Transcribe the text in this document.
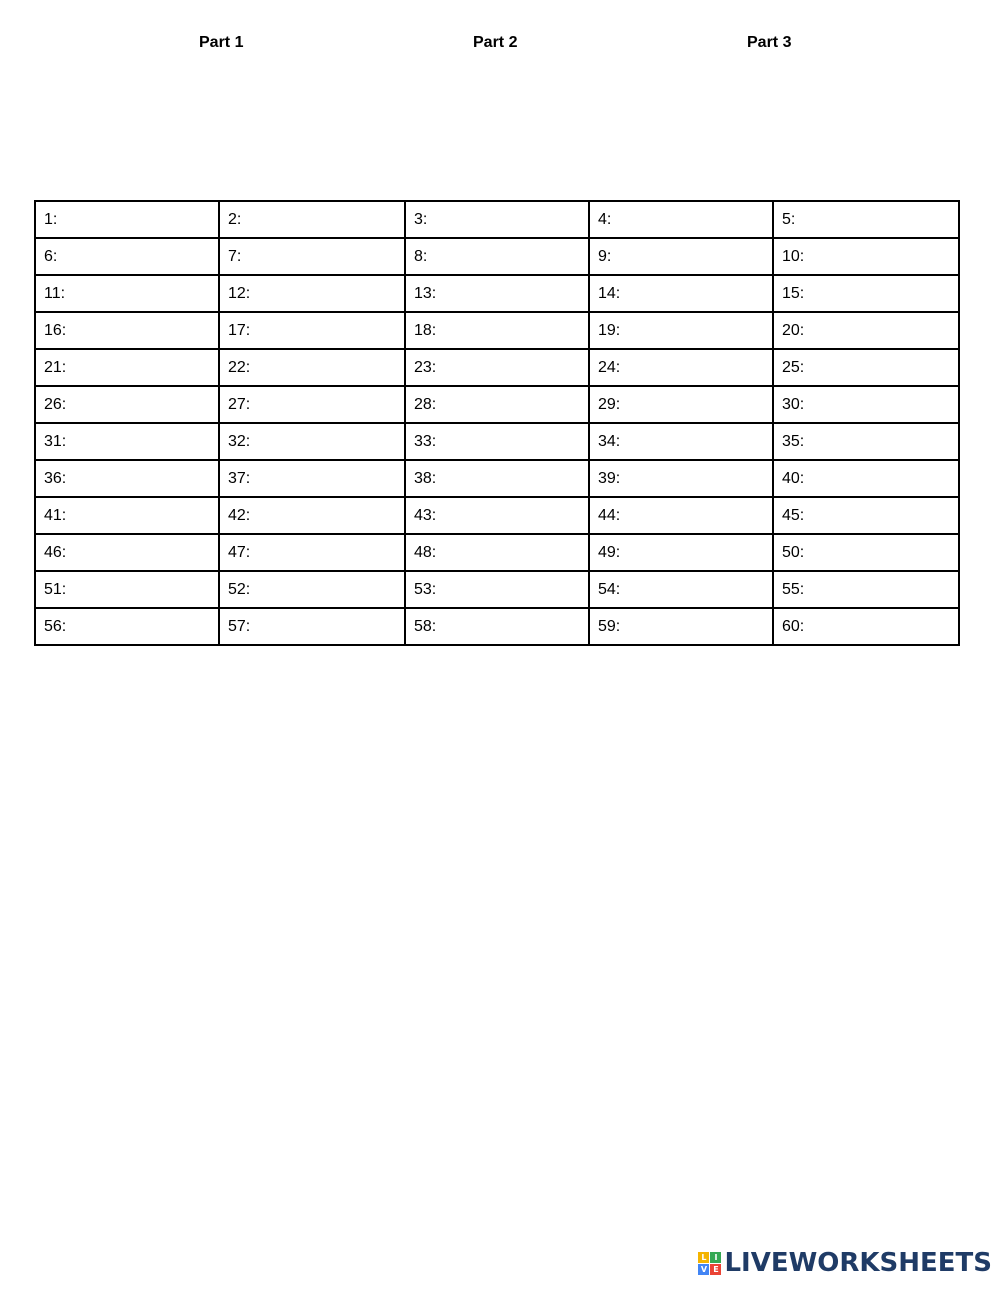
Part 1	Part 2	Part 3
1:	2:	3:	4:	5:
6:	7:	8:	9:	10:
11:	12:	13:	14:	15:
16:	17:	18:	19:	20:
21:	22:	23:	24:	25:
26:	27:	28:	29:	30:
31:	32:	33:	34:	35:
36:	37:	38:	39:	40:
41:	42:	43:	44:	45:
46:	47:	48:	49:	50:
51:	52:	53:	54:	55:
56:	57:	58:	59:	60:
L I
V E LIVEWORKSHEETS
